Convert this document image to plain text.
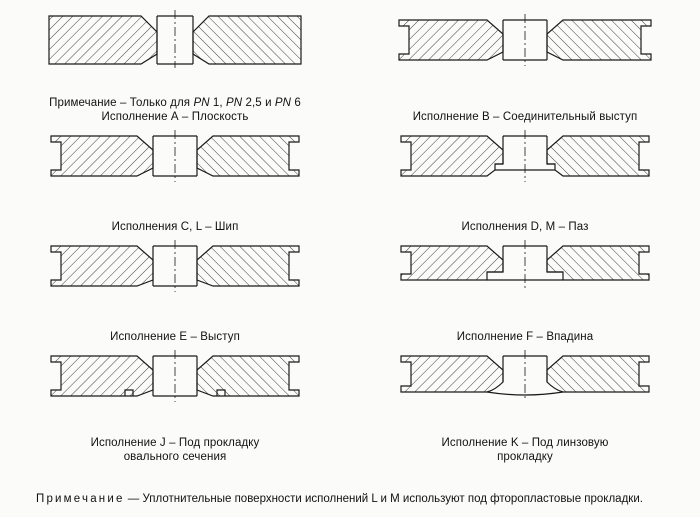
Примечание – Только для PN 1, PN 2,5 и PN 6
Исполнение А – Плоскость	Исполнение B – Соединительный выступ
Исполнения C, L – Шип	Исполнения D, M – Паз
Исполнение E – Выступ	Исполнение F – Впадина
Исполнение J – Под прокладку
овального сечения
Исполнение K – Под линзовую
прокладку
Примечание — Уплотнительные поверхности исполнений L и M используют под фторопластовые прокладки.
